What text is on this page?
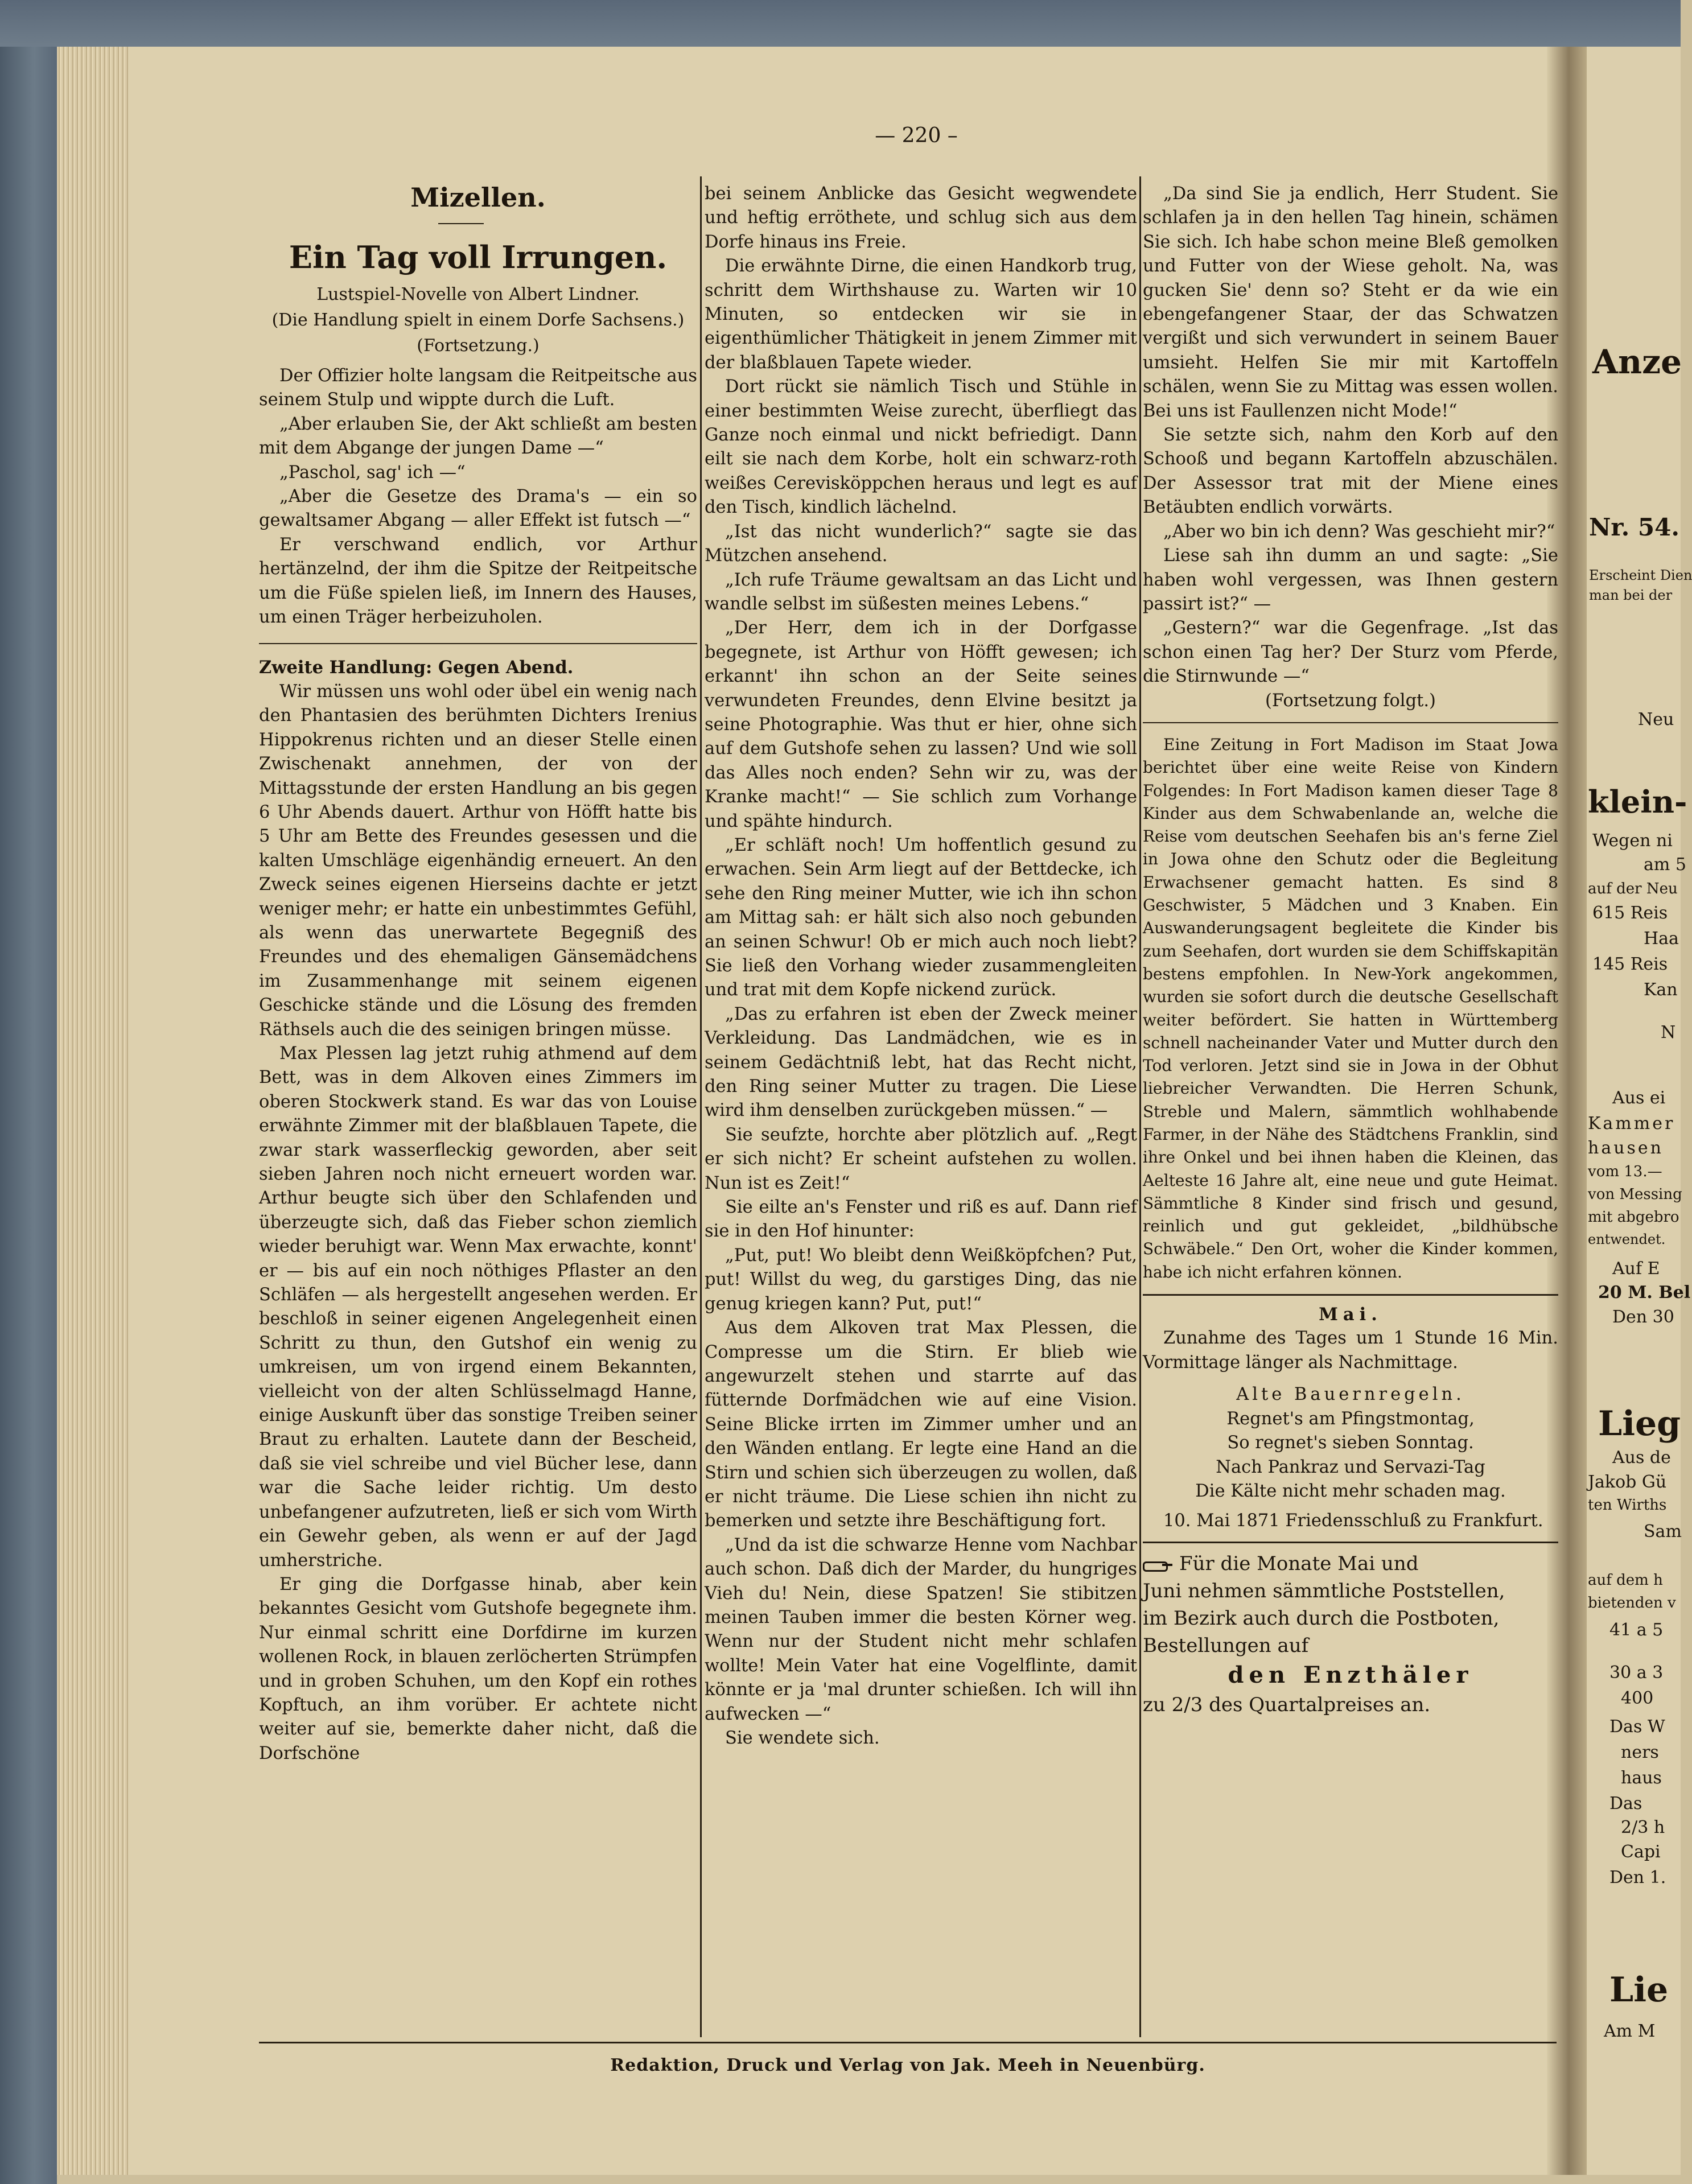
— 220 –
Mizellen.
Ein Tag voll Irrungen.
Lustspiel-Novelle von Albert Lindner.
(Die Handlung spielt in einem Dorfe Sachsens.)
(Fortsetzung.)

Der Offizier holte langsam die Reitpeitsche aus seinem Stulp und wippte durch die Luft.

„Aber erlauben Sie, der Akt schließt am besten mit dem Abgange der jungen Dame —“

„Paschol, sag' ich —“

„Aber die Gesetze des Drama's — ein so gewaltsamer Abgang — aller Effekt ist futsch —“

Er verschwand endlich, vor Arthur hertänzelnd, der ihm die Spitze der Reitpeitsche um die Füße spielen ließ, im Innern des Hauses, um einen Träger herbeizuholen.

Zweite Handlung: Gegen Abend.

Wir müssen uns wohl oder übel ein wenig nach den Phantasien des berühmten Dichters Irenius Hippokrenus richten und an dieser Stelle einen Zwischenakt annehmen, der von der Mittagsstunde der ersten Handlung an bis gegen 6 Uhr Abends dauert. Arthur von Höfft hatte bis 5 Uhr am Bette des Freundes gesessen und die kalten Umschläge eigenhändig erneuert. An den Zweck seines eigenen Hierseins dachte er jetzt weniger mehr; er hatte ein unbestimmtes Gefühl, als wenn das unerwartete Begegniß des Freundes und des ehemaligen Gänsemädchens im Zusammenhange mit seinem eigenen Geschicke stände und die Lösung des fremden Räthsels auch die des seinigen bringen müsse.

Max Plessen lag jetzt ruhig athmend auf dem Bett, was in dem Alkoven eines Zimmers im oberen Stockwerk stand. Es war das von Louise erwähnte Zimmer mit der blaßblauen Tapete, die zwar stark wasserfleckig geworden, aber seit sieben Jahren noch nicht erneuert worden war. Arthur beugte sich über den Schlafenden und überzeugte sich, daß das Fieber schon ziemlich wieder beruhigt war. Wenn Max erwachte, konnt' er — bis auf ein noch nöthiges Pflaster an den Schläfen — als hergestellt angesehen werden. Er beschloß in seiner eigenen Angelegenheit einen Schritt zu thun, den Gutshof ein wenig zu umkreisen, um von irgend einem Bekannten, vielleicht von der alten Schlüsselmagd Hanne, einige Auskunft über das sonstige Treiben seiner Braut zu erhalten. Lautete dann der Bescheid, daß sie viel schreibe und viel Bücher lese, dann war die Sache leider richtig. Um desto unbefangener aufzutreten, ließ er sich vom Wirth ein Gewehr geben, als wenn er auf der Jagd umherstriche.

Er ging die Dorfgasse hinab, aber kein bekanntes Gesicht vom Gutshofe begegnete ihm. Nur einmal schritt eine Dorfdirne im kurzen wollenen Rock, in blauen zerlöcherten Strümpfen und in groben Schuhen, um den Kopf ein rothes Kopftuch, an ihm vorüber. Er achtete nicht weiter auf sie, bemerkte daher nicht, daß die Dorfschöne

bei seinem Anblicke das Gesicht wegwendete und heftig erröthete, und schlug sich aus dem Dorfe hinaus ins Freie.

Die erwähnte Dirne, die einen Handkorb trug, schritt dem Wirthshause zu. Warten wir 10 Minuten, so entdecken wir sie in eigenthümlicher Thätigkeit in jenem Zimmer mit der blaßblauen Tapete wieder.

Dort rückt sie nämlich Tisch und Stühle in einer bestimmten Weise zurecht, überfliegt das Ganze noch einmal und nickt befriedigt. Dann eilt sie nach dem Korbe, holt ein schwarz-roth weißes Cerevisköppchen heraus und legt es auf den Tisch, kindlich lächelnd.

„Ist das nicht wunderlich?“ sagte sie das Mützchen ansehend.

„Ich rufe Träume gewaltsam an das Licht und wandle selbst im süßesten meines Lebens.“

„Der Herr, dem ich in der Dorfgasse begegnete, ist Arthur von Höfft gewesen; ich erkannt' ihn schon an der Seite seines verwundeten Freundes, denn Elvine besitzt ja seine Photographie. Was thut er hier, ohne sich auf dem Gutshofe sehen zu lassen? Und wie soll das Alles noch enden? Sehn wir zu, was der Kranke macht!“ — Sie schlich zum Vorhange und spähte hindurch.

„Er schläft noch! Um hoffentlich gesund zu erwachen. Sein Arm liegt auf der Bettdecke, ich sehe den Ring meiner Mutter, wie ich ihn schon am Mittag sah: er hält sich also noch gebunden an seinen Schwur! Ob er mich auch noch liebt? Sie ließ den Vorhang wieder zusammengleiten und trat mit dem Kopfe nickend zurück.

„Das zu erfahren ist eben der Zweck meiner Verkleidung. Das Landmädchen, wie es in seinem Gedächtniß lebt, hat das Recht nicht, den Ring seiner Mutter zu tragen. Die Liese wird ihm denselben zurückgeben müssen.“ —

Sie seufzte, horchte aber plötzlich auf. „Regt er sich nicht? Er scheint aufstehen zu wollen. Nun ist es Zeit!“

Sie eilte an's Fenster und riß es auf. Dann rief sie in den Hof hinunter:

„Put, put! Wo bleibt denn Weißköpfchen? Put, put! Willst du weg, du garstiges Ding, das nie genug kriegen kann? Put, put!“

Aus dem Alkoven trat Max Plessen, die Compresse um die Stirn. Er blieb wie angewurzelt stehen und starrte auf das fütternde Dorfmädchen wie auf eine Vision. Seine Blicke irrten im Zimmer umher und an den Wänden entlang. Er legte eine Hand an die Stirn und schien sich überzeugen zu wollen, daß er nicht träume. Die Liese schien ihn nicht zu bemerken und setzte ihre Beschäftigung fort.

„Und da ist die schwarze Henne vom Nachbar auch schon. Daß dich der Marder, du hungriges Vieh du! Nein, diese Spatzen! Sie stibitzen meinen Tauben immer die besten Körner weg. Wenn nur der Student nicht mehr schlafen wollte! Mein Vater hat eine Vogelflinte, damit könnte er ja 'mal drunter schießen. Ich will ihn aufwecken —“

Sie wendete sich.

„Da sind Sie ja endlich, Herr Student. Sie schlafen ja in den hellen Tag hinein, schämen Sie sich. Ich habe schon meine Bleß gemolken und Futter von der Wiese geholt. Na, was gucken Sie' denn so? Steht er da wie ein ebengefangener Staar, der das Schwatzen vergißt und sich verwundert in seinem Bauer umsieht. Helfen Sie mir mit Kartoffeln schälen, wenn Sie zu Mittag was essen wollen. Bei uns ist Faullenzen nicht Mode!“

Sie setzte sich, nahm den Korb auf den Schooß und begann Kartoffeln abzuschälen. Der Assessor trat mit der Miene eines Betäubten endlich vorwärts.

„Aber wo bin ich denn? Was geschieht mir?“

Liese sah ihn dumm an und sagte: „Sie haben wohl vergessen, was Ihnen gestern passirt ist?“ —

„Gestern?“ war die Gegenfrage. „Ist das schon einen Tag her? Der Sturz vom Pferde, die Stirnwunde —“

(Fortsetzung folgt.)

Eine Zeitung in Fort Madison im Staat Jowa berichtet über eine weite Reise von Kindern Folgendes: In Fort Madison kamen dieser Tage 8 Kinder aus dem Schwabenlande an, welche die Reise vom deutschen Seehafen bis an's ferne Ziel in Jowa ohne den Schutz oder die Begleitung Erwachsener gemacht hatten. Es sind 8 Geschwister, 5 Mädchen und 3 Knaben. Ein Auswanderungsagent begleitete die Kinder bis zum Seehafen, dort wurden sie dem Schiffskapitän bestens empfohlen. In New-York angekommen, wurden sie sofort durch die deutsche Gesellschaft weiter befördert. Sie hatten in Württemberg schnell nacheinander Vater und Mutter durch den Tod verloren. Jetzt sind sie in Jowa in der Obhut liebreicher Verwandten. Die Herren Schunk, Streble und Malern, sämmtlich wohlhabende Farmer, in der Nähe des Städtchens Franklin, sind ihre Onkel und bei ihnen haben die Kleinen, das Aelteste 16 Jahre alt, eine neue und gute Heimat. Sämmtliche 8 Kinder sind frisch und gesund, reinlich und gut gekleidet, „bildhübsche Schwäbele.“ Den Ort, woher die Kinder kommen, habe ich nicht erfahren können.

Mai.

Zunahme des Tages um 1 Stunde 16 Min. Vormittage länger als Nachmittage.

Alte Bauernregeln.

Regnet's am Pfingstmontag,

So regnet's sieben Sonntag.

Nach Pankraz und Servazi-Tag

Die Kälte nicht mehr schaden mag.

10. Mai 1871 Friedensschluß zu Frankfurt.

Für die Monate Mai und

Juni nehmen sämmtliche Poststellen,

im Bezirk auch durch die Postboten,

Bestellungen auf

den Enzthäler

zu 2/3 des Quartalpreises an.

Redaktion, Druck und Verlag von Jak. Meeh in Neuenbürg.
Anze
Nr. 54.
Erscheint Dien
man bei der
Neu
klein-
Wegen ni
am 5
auf der Neu
615 Reis
Haa
145 Reis
Kan
N
Aus ei
Kammer
hausen
vom 13.—
von Messing
mit abgebro
entwendet.
Auf E
20 M. Bel
Den 30
Lieg
Aus de
Jakob Gü
ten Wirths
Sam
auf dem h
bietenden v
41 a 5
30 a 3
400
Das W
ners
haus
Das
2/3 h
Capi
Den 1.
Lie
Am M
